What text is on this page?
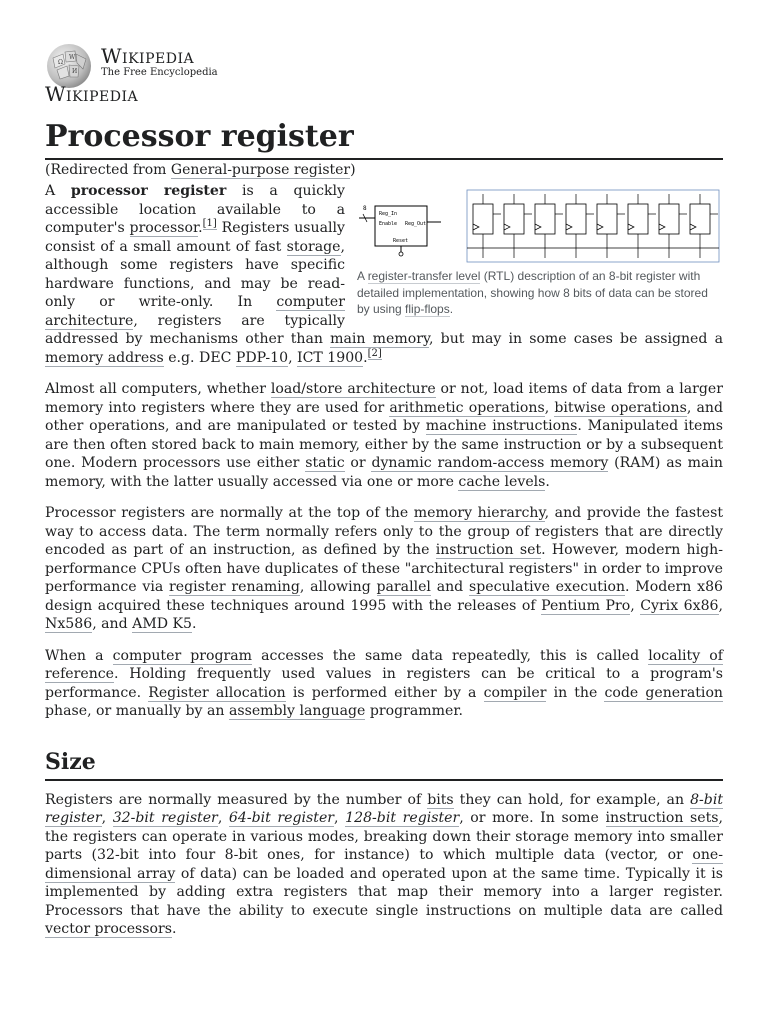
Ω
W
И
Wikipedia
The Free Encyclopedia
Wikipedia
Processor register
(Redirected from General-purpose register)
8
Reg_In
Enable Reg_Out
Reset
A register-transfer level (RTL) description of an 8-bit register with detailed implementation, showing how 8 bits of data can be stored by using flip-flops.

A processor register is a quickly accessible location available to a computer's processor.[1] Registers usually consist of a small amount of fast storage, although some registers have specific hardware functions, and may be read-only or write-only. In computer architecture, registers are typically addressed by mechanisms other than main memory, but may in some cases be assigned a memory address e.g. DEC PDP-10, ICT 1900.[2]

Almost all computers, whether load/store architecture or not, load items of data from a larger memory into registers where they are used for arithmetic operations, bitwise operations, and other operations, and are manipulated or tested by machine instructions. Manipulated items are then often stored back to main memory, either by the same instruction or by a subsequent one. Modern processors use either static or dynamic random-access memory (RAM) as main memory, with the latter usually accessed via one or more cache levels.

Processor registers are normally at the top of the memory hierarchy, and provide the fastest way to access data. The term normally refers only to the group of registers that are directly encoded as part of an instruction, as defined by the instruction set. However, modern high-performance CPUs often have duplicates of these "architectural registers" in order to improve performance via register renaming, allowing parallel and speculative execution. Modern x86 design acquired these techniques around 1995 with the releases of Pentium Pro, Cyrix 6x86, Nx586, and AMD K5.

When a computer program accesses the same data repeatedly, this is called locality of reference. Holding frequently used values in registers can be critical to a program's performance. Register allocation is performed either by a compiler in the code generation phase, or manually by an assembly language programmer.

Size

Registers are normally measured by the number of bits they can hold, for example, an 8-bit register, 32-bit register, 64-bit register, 128-bit register, or more. In some instruction sets, the registers can operate in various modes, breaking down their storage memory into smaller parts (32-bit into four 8-bit ones, for instance) to which multiple data (vector, or one-dimensional array of data) can be loaded and operated upon at the same time. Typically it is implemented by adding extra registers that map their memory into a larger register. Processors that have the ability to execute single instructions on multiple data are called vector processors.
